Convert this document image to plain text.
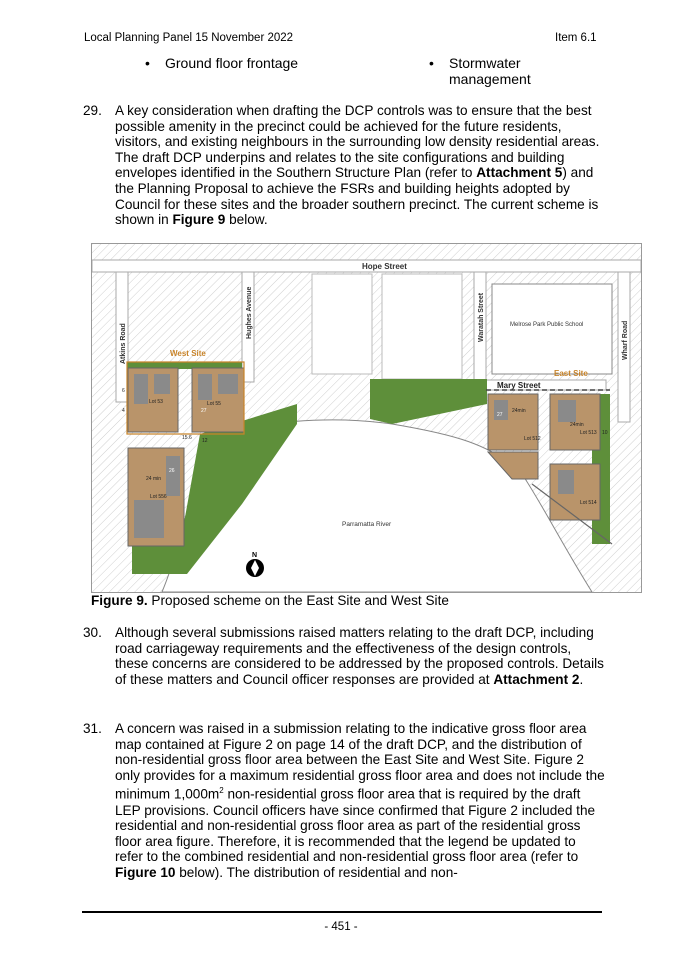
Local Planning Panel 15 November 2022	Item 6.1
• Ground floor frontage	• Stormwater
management
29. A key consideration when drafting the DCP controls was to ensure that the best possible amenity in the precinct could be achieved for the future residents, visitors, and existing neighbours in the surrounding low density residential areas. The draft DCP underpins and relates to the site configurations and building envelopes identified in the Southern Structure Plan (refer to Attachment 5) and the Planning Proposal to achieve the FSRs and building heights adopted by Council for these sites and the broader southern precinct. The current scheme is shown in Figure 9 below.
Hope Street
Hughes Avenue
Atkins Road
Waratah Street	Wharf Road
Melrose Park Public School
West Site
East Site
Mary Street
Parramatta River
Lot 53	Lot 55
Lot 556
Lot 512
Lot 513
Lot 514
24 min
24min
24min
27
26
27
12
15.6
6
4
10
N
Figure 9. Proposed scheme on the East Site and West Site
30. Although several submissions raised matters relating to the draft DCP, including road carriageway requirements and the effectiveness of the design controls, these concerns are considered to be addressed by the proposed controls. Details of these matters and Council officer responses are provided at Attachment 2.
31. A concern was raised in a submission relating to the indicative gross floor area map contained at Figure 2 on page 14 of the draft DCP, and the distribution of non-residential gross floor area between the East Site and West Site. Figure 2 only provides for a maximum residential gross floor area and does not include the minimum $1,000m^2$ non-residential gross floor area that is required by the draft LEP provisions. Council officers have since confirmed that Figure 2 included the residential and non-residential gross floor area as part of the residential gross floor area figure. Therefore, it is recommended that the legend be updated to refer to the combined residential and non-residential gross floor area (refer to Figure 10 below). The distribution of residential and non-
- 451 -
